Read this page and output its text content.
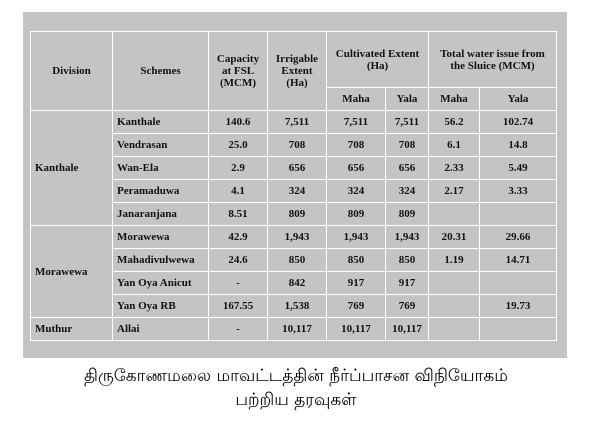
Division	Schemes	Capacity at FSL (MCM)	Irrigable Extent (Ha)	Cultivated Extent (Ha)		Total water issue from the Sluice (MCM)	
				Maha	Yala	Maha	Yala
Kanthale	Kanthale	140.6	7,511	7,511	7,511	56.2	102.74
	Vendrasan	25.0	708	708	708	6.1	14.8
	Wan-Ela	2.9	656	656	656	2.33	5.49
	Peramaduwa	4.1	324	324	324	2.17	3.33
	Janaranjana	8.51	809	809	809		
Morawewa	Morawewa	42.9	1,943	1,943	1,943	20.31	29.66
	Mahadivulwewa	24.6	850	850	850	1.19	14.71
	Yan Oya Anicut	-	842	917	917		
	Yan Oya RB	167.55	1,538	769	769		19.73
Muthur	Allai	-	10,117	10,117	10,117		
திருகோணமலை மாவட்டத்தின் நீர்ப்பாசன விநியோகம்
பற்றிய தரவுகள்
